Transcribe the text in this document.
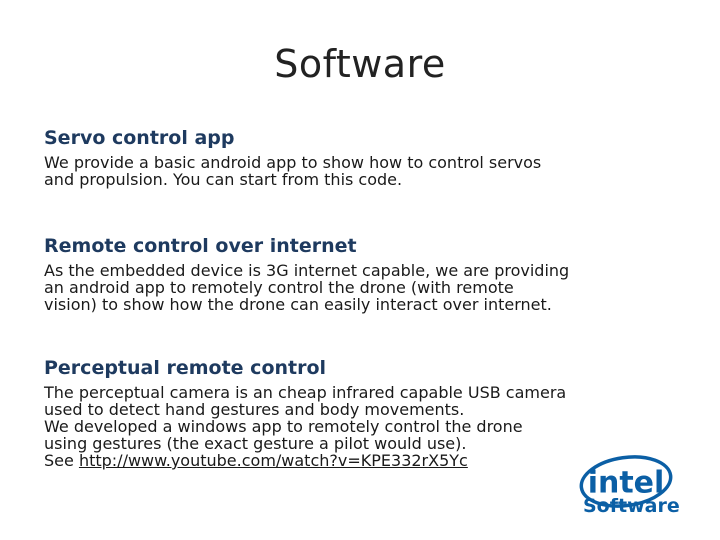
Software
Servo control app

We provide a basic android app to show how to control servos
and propulsion. You can start from this code.

Remote control over internet

As the embedded device is 3G internet capable, we are providing
an android app to remotely control the drone (with remote
vision) to show how the drone can easily interact over internet.

Perceptual remote control

The perceptual camera is an cheap infrared capable USB camera
used to detect hand gestures and body movements.
We developed a windows app to remotely control the drone
using gestures (the exact gesture a pilot would use).
See http://www.youtube.com/watch?v=KPE332rX5Yc

intel
Software
